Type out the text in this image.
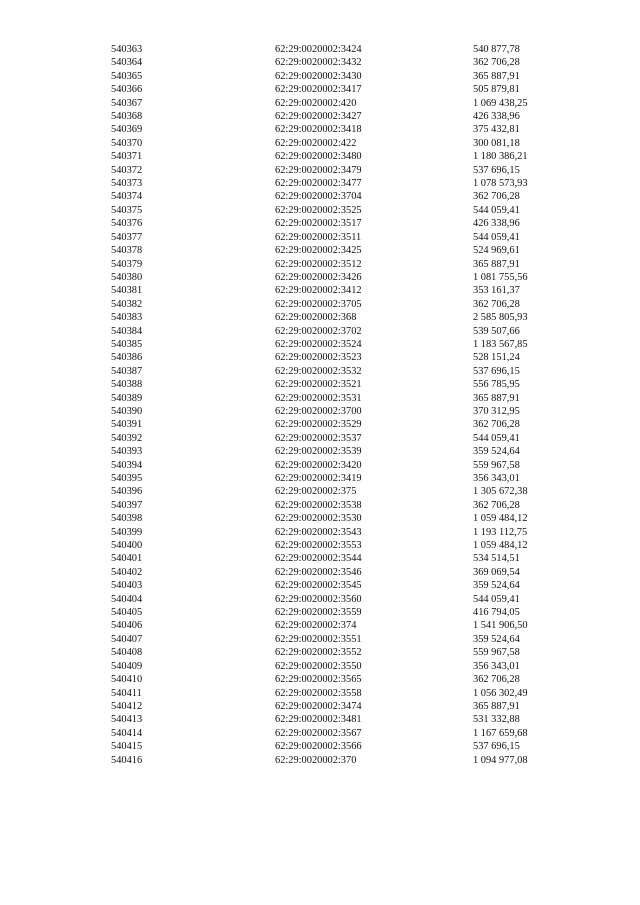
540363	62:29:0020002:3424	540 877,78
540364	62:29:0020002:3432	362 706,28
540365	62:29:0020002:3430	365 887,91
540366	62:29:0020002:3417	505 879,81
540367	62:29:0020002:420	1 069 438,25
540368	62:29:0020002:3427	426 338,96
540369	62:29:0020002:3418	375 432,81
540370	62:29:0020002:422	300 081,18
540371	62:29:0020002:3480	1 180 386,21
540372	62:29:0020002:3479	537 696,15
540373	62:29:0020002:3477	1 078 573,93
540374	62:29:0020002:3704	362 706,28
540375	62:29:0020002:3525	544 059,41
540376	62:29:0020002:3517	426 338,96
540377	62:29:0020002:3511	544 059,41
540378	62:29:0020002:3425	524 969,61
540379	62:29:0020002:3512	365 887,91
540380	62:29:0020002:3426	1 081 755,56
540381	62:29:0020002:3412	353 161,37
540382	62:29:0020002:3705	362 706,28
540383	62:29:0020002:368	2 585 805,93
540384	62:29:0020002:3702	539 507,66
540385	62:29:0020002:3524	1 183 567,85
540386	62:29:0020002:3523	528 151,24
540387	62:29:0020002:3532	537 696,15
540388	62:29:0020002:3521	556 785,95
540389	62:29:0020002:3531	365 887,91
540390	62:29:0020002:3700	370 312,95
540391	62:29:0020002:3529	362 706,28
540392	62:29:0020002:3537	544 059,41
540393	62:29:0020002:3539	359 524,64
540394	62:29:0020002:3420	559 967,58
540395	62:29:0020002:3419	356 343,01
540396	62:29:0020002:375	1 305 672,38
540397	62:29:0020002:3538	362 706,28
540398	62:29:0020002:3530	1 059 484,12
540399	62:29:0020002:3543	1 193 112,75
540400	62:29:0020002:3553	1 059 484,12
540401	62:29:0020002:3544	534 514,51
540402	62:29:0020002:3546	369 069,54
540403	62:29:0020002:3545	359 524,64
540404	62:29:0020002:3560	544 059,41
540405	62:29:0020002:3559	416 794,05
540406	62:29:0020002:374	1 541 906,50
540407	62:29:0020002:3551	359 524,64
540408	62:29:0020002:3552	559 967,58
540409	62:29:0020002:3550	356 343,01
540410	62:29:0020002:3565	362 706,28
540411	62:29:0020002:3558	1 056 302,49
540412	62:29:0020002:3474	365 887,91
540413	62:29:0020002:3481	531 332,88
540414	62:29:0020002:3567	1 167 659,68
540415	62:29:0020002:3566	537 696,15
540416	62:29:0020002:370	1 094 977,08
